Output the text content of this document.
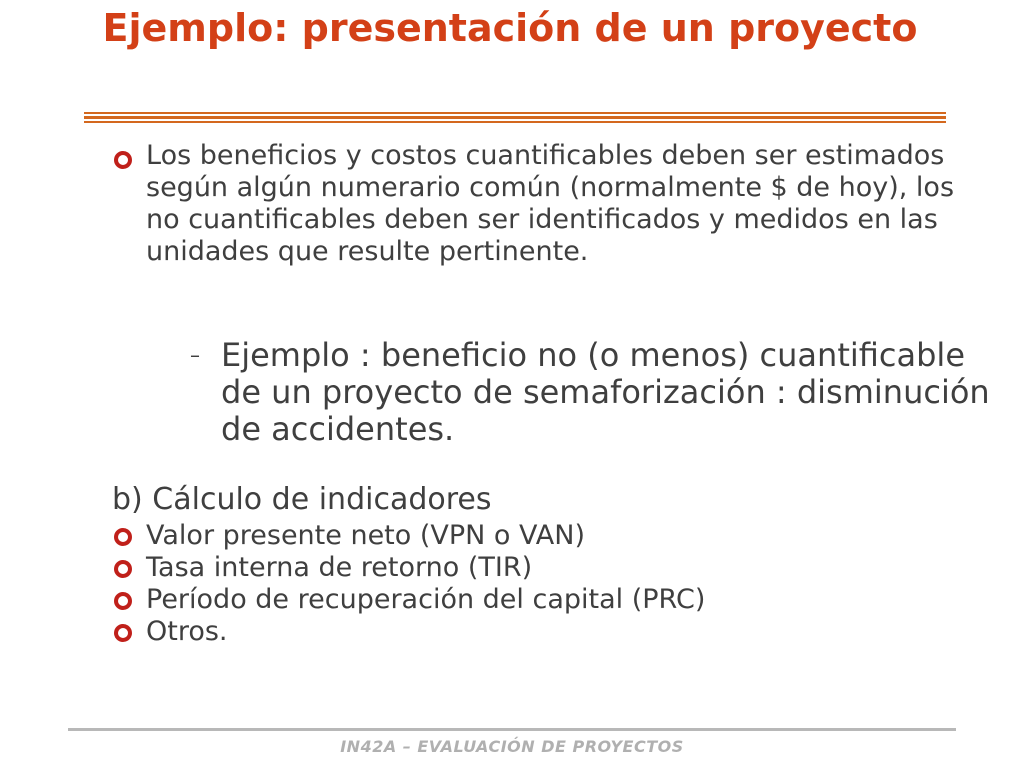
Ejemplo: presentación de un proyecto

Los beneficios y costos cuantificables deben ser estimados según algún numerario común (normalmente $ de hoy), los no cuantificables deben ser identificados y medidos en las unidades que resulte pertinente.

– Ejemplo : beneficio no (o menos) cuantificable de un proyecto de semaforización : disminución de accidentes.

b) Cálculo de indicadores

Valor presente neto (VPN o VAN)

Tasa interna de retorno (TIR)

Período de recuperación del capital (PRC)

Otros.

IN42A – EVALUACIÓN DE PROYECTOS
